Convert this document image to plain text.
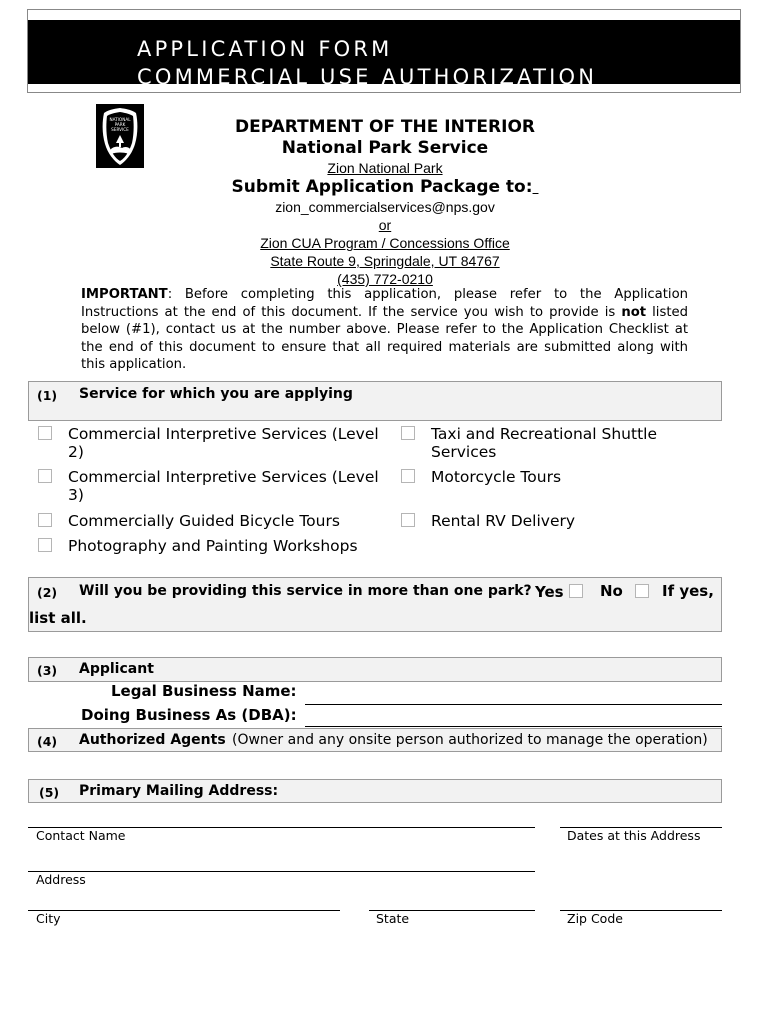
APPLICATION FORM
COMMERCIAL USE AUTHORIZATION
NATIONAL
PARK
SERVICE	DEPARTMENT OF THE INTERIOR
National Park Service
Zion National Park
Submit Application Package to:
zion_commercialservices@nps.gov
or
Zion CUA Program / Concessions Office
State Route 9, Springdale, UT 84767
(435) 772-0210
IMPORTANT: Before completing this application, please refer to the Application Instructions at the end of this document. If the service you wish to provide is not listed below (#1), contact us at the number above. Please refer to the Application Checklist at the end of this document to ensure that all required materials are submitted along with this application.
(1) Service for which you are applying
Commercial Interpretive Services (Level 2)
Commercial Interpretive Services (Level 3)
Commercially Guided Bicycle Tours
Photography and Painting Workshops
Taxi and Recreational Shuttle Services
Motorcycle Tours
Rental RV Delivery
(2) Will you be providing this service in more than one park? Yes No	If yes,
list all.
(3) Applicant
Legal Business Name:
Doing Business As (DBA):
(4) Authorized Agents (Owner and any onsite person authorized to manage the operation)
(5) Primary Mailing Address:
Contact Name	Dates at this Address
Address
City	State	Zip Code
